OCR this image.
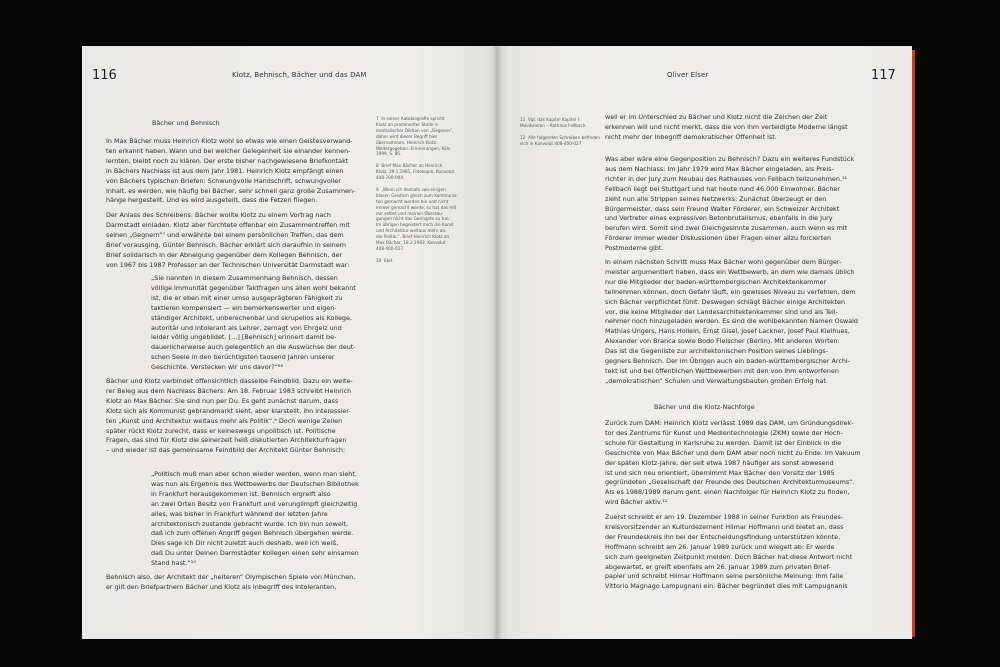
116	Klotz, Behnisch, Bächer und das DAM
Bächer und Behnisch
In Max Bächer muss Heinrich Klotz wohl so etwas wie einen Geistesverwand-
ten erkannt haben. Wann und bei welcher Gelegenheit sie einander kennen-
lernten, bleibt noch zu klären. Der erste bisher nachgewiesene Briefkontakt
in Bächers Nachlass ist aus dem Jahr 1981. Heinrich Klotz empfängt einen
von Bächers typischen Briefen: Schwungvolle Handschrift, schwungvoller
Inhalt, es werden, wie häufig bei Bächer, sehr schnell ganz große Zusammen-
hänge hergestellt. Und es wird ausgeteilt, dass die Fetzen fliegen.
Der Anlass des Schreibens: Bächer wollte Klotz zu einem Vortrag nach
Darmstadt einladen. Klotz aber fürchtete offenbar ein Zusammentreffen mit
seinen „Gegnern“⁷ und erwähnte bei einem persönlichen Treffen, das dem
Brief vorausging, Günter Behnisch. Bächer erklärt sich daraufhin in seinem
Brief solidarisch in der Abneigung gegenüber dem Kollegen Behnisch, der
von 1967 bis 1987 Professor an der Technischen Universität Darmstadt war:
„Sie nannten in diesem Zusammenhang Behnisch, dessen
völlige Immunität gegenüber Taktfragen uns allen wohl bekannt
ist, die er eben mit einer umso ausgeprägteren Fähigkeit zu
taktieren kompensiert — ein bemerkenswerter und eigen-
ständiger Architekt, unberechenbar und skrupellos als Kollege,
autoritär und intolerant als Lehrer, zernagt von Ehrgeiz und
leider völlig ungebildet. […] [Behnisch] erinnert damit be-
dauerlicherweise auch gelegentlich an die Auswüchse der deut-
schen Seele in den berüchtigsten tausend Jahren unserer
Geschichte. Verstecken wir uns davor?“⁸⁹
Bächer und Klotz verbindet offensichtlich dasselbe Feindbild. Dazu ein weite-
rer Beleg aus dem Nachlass Bächers: Am 18. Februar 1983 schreibt Heinrich
Klotz an Max Bächer. Sie sind nun per Du. Es geht zunächst darum, dass
Klotz sich als Kommunist gebrandmarkt sieht, aber klarstellt, ihn interessier-
ten „Kunst und Architektur weitaus mehr als Politik“.⁹ Doch wenige Zeilen
später rückt Klotz zurecht, dass er keineswegs unpolitisch ist. Politische
Fragen, das sind für Klotz die seinerzeit heiß diskutierten Architekturfragen
– und wieder ist das gemeinsame Feindbild der Architekt Günter Behnisch:
„Politisch muß man aber schon wieder werden, wenn man sieht,
was nun als Ergebnis des Wettbewerbs der Deutschen Bibliothek
in Frankfurt herausgekommen ist. Behnisch ergreift also
an zwei Orten Besitz von Frankfurt und verunglimpft gleichzeitig
alles, was bisher in Frankfurt während der letzten Jahre
architektonisch zustande gebracht wurde. Ich bin nun soweit,
daß ich zum offenen Angriff gegen Behnisch übergehen werde.
Dies sage ich Dir nicht zuletzt auch deshalb, weil ich weiß,
daß Du unter Deinen Darmstädter Kollegen einen sehr einsamen
Stand hast.“¹⁰
Behnisch also, der Architekt der „heiteren“ Olympischen Spiele von München,
er gilt den Briefpartnern Bächer und Klotz als Inbegriff des Intoleranten,
7  In seiner Autobiografie spricht
Klotz an prominenter Stelle in
martialischer Diktion von „Gegnern“,
daher wird dieser Begriff hier
übernommen. Heinrich Klotz:
Weltergegeben. Erinnerungen, Köln
1999, S. 86.

8  Brief Max Bächer an Heinrich
Klotz, 29.1.1981, Fotokopie, Konvolut
408-700-004.

9  „Wenn ich deshalb von einigen
blasen Geistern gleich zum Kommunis-
ten gemacht werden bin und nicht
immer gemacht werde, so hat das mit
mir selbst und meinen Überzeu-
gungen nicht das Geringste zu tun.
Im übrigen begeistert mich die Kunst
und Architektur weitaus mehr als
die Politik.“, Brief Heinrich Klotz an
Max Bächer, 18.2.1983, Konvolut
408-400-027.

10  Ebd.
117
Oliver Elser
11  Vgl. das Kapitel Kapitel I:
Meinbrieren – Rathaus Fellbach.

12  Alle folgenden Schreiben befinden
sich in Konvolut 408-400-027.
weil er im Unterschied zu Bächer und Klotz nicht die Zeichen der Zeit
erkennen will und nicht merkt, dass die von ihm verteidigte Moderne längst
nicht mehr der Inbegriff demokratischer Offenheit ist.
Was aber wäre eine Gegenposition zu Behnisch? Dazu ein weiteres Fundstück
aus dem Nachlass: Im Jahr 1979 wird Max Bächer eingeladen, als Preis-
richter in der Jury zum Neubau des Rathauses von Fellbach teilzunehmen.¹¹
Fellbach liegt bei Stuttgart und hat heute rund 46.000 Einwohner. Bächer
zieht nun alle Strippen seines Netzwerks: Zunächst überzeugt er den
Bürgermeister, dass sein Freund Walter Förderer, ein Schweizer Architekt
und Vertreter eines expressiven Betonbrutalismus, ebenfalls in die Jury
berufen wird. Somit sind zwei Gleichgesinnte zusammen, auch wenn es mit
Förderer immer wieder Diskussionen über Fragen einer allzu forcierten
Postmoderne gibt.
In einem nächsten Schritt muss Max Bächer wohl gegenüber dem Bürger-
meister argumentiert haben, dass ein Wettbewerb, an dem wie damals üblich
nur die Mitglieder der baden-württembergischen Architektenkammer
teilnehmen können, doch Gefahr läuft, ein gewisses Niveau zu verfehlen, dem
sich Bächer verpflichtet fühlt. Deswegen schlägt Bächer einige Architekten
vor, die keine Mitglieder der Landesarchitektenkammer sind und als Teil-
nehmer noch hinzugeladen werden. Es sind die wohlbekannten Namen Oswald
Mathias Ungers, Hans Hollein, Ernst Gisel, Josef Lackner, Josef Paul Kleihues,
Alexander von Branca sowie Bodo Fleischer (Berlin). Mit anderen Worten:
Das ist die Gegenliste zur architektonischen Position seines Lieblings-
gegners Behnisch. Der im Übrigen auch ein baden-württembergischer Archi-
tekt ist und bei öffentlichen Wettbewerben mit den von ihm entworfenen
„demokratischen“ Schulen und Verwaltungsbauten großen Erfolg hat.
Bächer und die Klotz-Nachfolge
Zurück zum DAM: Heinrich Klotz verlässt 1989 das DAM, um Gründungsdirek-
tor des Zentrums für Kunst und Medientechnologie (ZKM) sowie der Hoch-
schule für Gestaltung in Karlsruhe zu werden. Damit ist der Einblick in die
Geschichte von Max Bächer und dem DAM aber noch nicht zu Ende. Im Vakuum
der späten Klotz-Jahre, der seit etwa 1987 häufiger als sonst abwesend
ist und sich neu orientiert, übernimmt Max Bächer den Vorsitz der 1985
gegründeten „Gesellschaft der Freunde des Deutschen Architekturmuseums“.
Als es 1988/1989 darum geht, einen Nachfolger für Heinrich Klotz zu finden,
wird Bächer aktiv.¹²
Zuerst schreibt er am 19. Dezember 1988 in seiner Funktion als Freundes-
kreisvorsitzender an Kulturdezernent Hilmar Hoffmann und bietet an, dass
der Freundeskreis ihn bei der Entscheidungsfindung unterstützen könnte.
Hoffmann schreibt am 26. Januar 1989 zurück und wiegelt ab: Er werde
sich zum geeigneten Zeitpunkt melden. Doch Bächer hat diese Antwort nicht
abgewartet, er greift ebenfalls am 26. Januar 1989 zum privaten Brief-
papier und schreibt Hilmar Hoffmann seine persönliche Meinung: Ihm falle
Vittorio Magnago Lampugnani ein. Bächer begründet dies mit Lampugnanis
